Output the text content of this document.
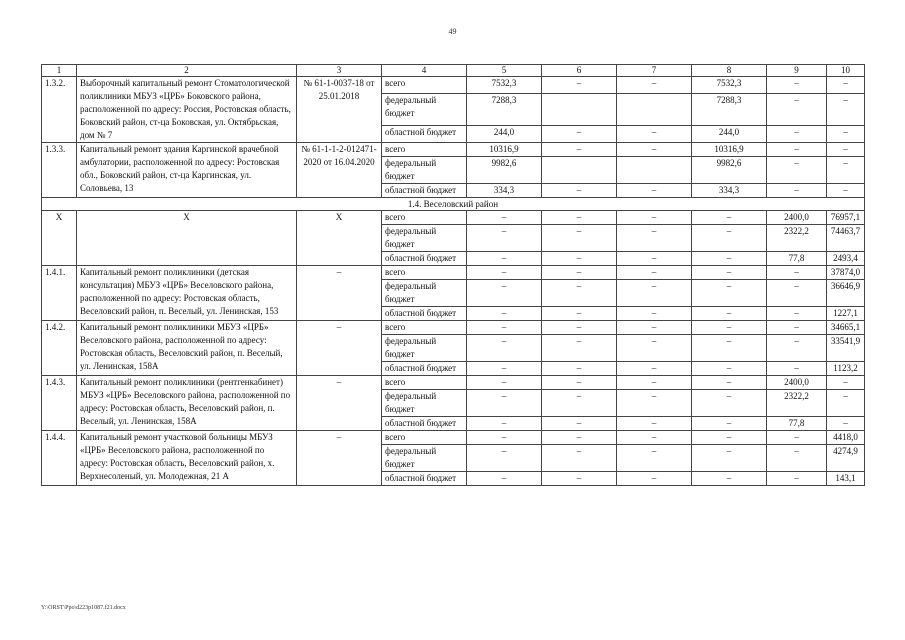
49
1	2	3	4	5	6	7	8	9	10
1.3.2.	Выборочный капитальный ремонт Стоматологической поликлиники МБУЗ «ЦРБ» Боковского района, расположенной по адресу: Россия, Ростовская область, Боковский район, ст-ца Боковская, ул. Октябрьская, дом № 7	№ 61-1-0037-18 от 25.01.2018	всего	7532,3	–	–	7532,3	–	–
			федеральный бюджет	7288,3			7288,3	–	–
			областной бюджет	244,0	–	–	244,0	–	–
1.3.3.	Капитальный ремонт здания Каргинской врачебной амбулатории, расположенной по адресу: Ростовская обл., Боковский район, ст-ца Каргинская, ул. Соловьева, 13	№ 61-1-1-2-012471-2020 от 16.04.2020	всего	10316,9	–	–	10316,9	–	–
			федеральный бюджет	9982,6			9982,6	–	–
			областной бюджет	334,3	–	–	334,3	–	–
1.4. Веселовский район									
Х	Х	Х	всего	–	–	–	–	2400,0	76957,1
			федеральный бюджет	–	–	–	–	2322,2	74463,7
			областной бюджет	–	–	–	–	77,8	2493,4
1.4.1.	Капитальный ремонт поликлиники (детская консультация) МБУЗ «ЦРБ» Веселовского района, расположенной по адресу: Ростовская область, Веселовский район, п. Веселый, ул. Ленинская, 153	–	всего	–	–	–	–	–	37874,0
			федеральный бюджет	–	–	–	–	–	36646,9
			областной бюджет	–	–	–	–	–	1227,1
1.4.2.	Капитальный ремонт поликлиники МБУЗ «ЦРБ» Веселовского района, расположенной по адресу: Ростовская область, Веселовский район, п. Веселый, ул. Ленинская, 158А	–	всего	–	–	–	–	–	34665,1
			федеральный бюджет	–	–	–	–	–	33541,9
			областной бюджет	–	–	–	–	–	1123,2
1.4.3.	Капитальный ремонт поликлиники (рентгенкабинет) МБУЗ «ЦРБ» Веселовского района, расположенной по адресу: Ростовская область, Веселовский район, п. Веселый, ул. Ленинская, 158А	–	всего	–	–	–	–	2400,0	–
			федеральный бюджет	–	–	–	–	2322,2	–
			областной бюджет	–	–	–	–	77,8	–
1.4.4.	Капитальный ремонт участковой больницы МБУЗ «ЦРБ» Веселовского района, расположенной по адресу: Ростовская область, Веселовский район, х. Верхнесоленый, ул. Молодежная, 21 А	–	всего	–	–	–	–	–	4418,0
			федеральный бюджет	–	–	–	–	–	4274,9
			областной бюджет	–	–	–	–	–	143,1
Y:\ORST\Ppo\d223p1087.f21.docx
